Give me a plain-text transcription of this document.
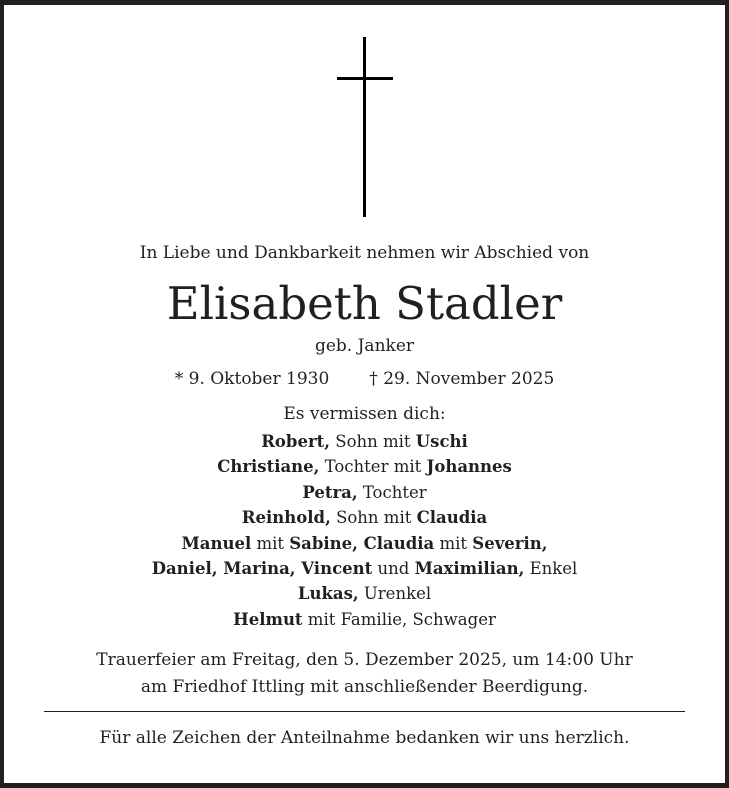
In Liebe und Dankbarkeit nehmen wir Abschied von
Elisabeth Stadler
geb. Janker
* 9. Oktober 1930 † 29. November 2025
Es vermissen dich:
Robert, Sohn mit Uschi
Christiane, Tochter mit Johannes
Petra, Tochter
Reinhold, Sohn mit Claudia
Manuel mit Sabine, Claudia mit Severin,
Daniel, Marina, Vincent und Maximilian, Enkel
Lukas, Urenkel
Helmut mit Familie, Schwager
Trauerfeier am Freitag, den 5. Dezember 2025, um 14:00 Uhr
am Friedhof Ittling mit anschließender Beerdigung.
Für alle Zeichen der Anteilnahme bedanken wir uns herzlich.
